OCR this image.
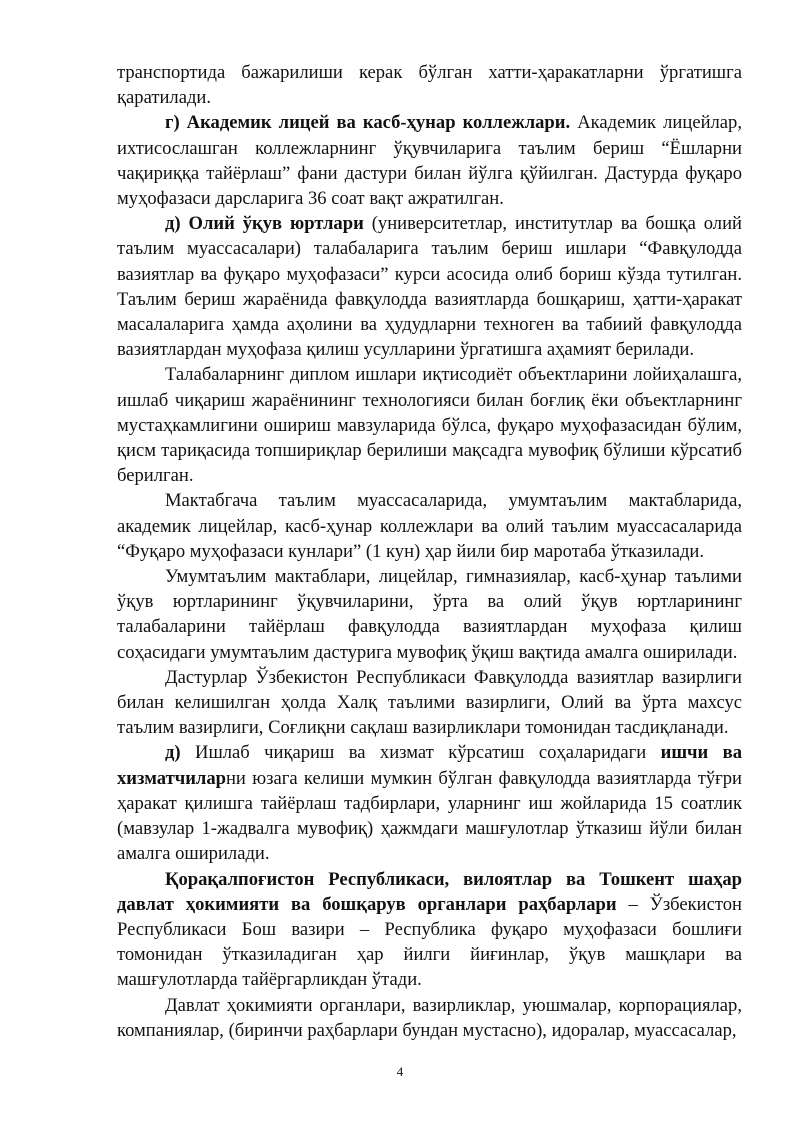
транспортида бажарилиши керак бўлган хатти-ҳаракатларни ўргатишга қаратилади.

г) Академик лицей ва касб-ҳунар коллежлари. Академик лицейлар, ихтисослашган коллежларнинг ўқувчиларига таълим бериш “Ёшларни чақириққа тайёрлаш” фани дастури билан йўлга қўйилган. Дастурда фуқаро муҳофазаси дарсларига 36 соат вақт ажратилган.

д) Олий ўқув юртлари (университетлар, институтлар ва бошқа олий таълим муассасалари) талабаларига таълим бериш ишлари “Фавқулодда вазиятлар ва фуқаро муҳофазаси” курси асосида олиб бориш кўзда тутилган. Таълим бериш жараёнида фавқулодда вазиятларда бошқариш, ҳатти-ҳаракат масалаларига ҳамда аҳолини ва ҳудудларни техноген ва табиий фавқулодда вазиятлардан муҳофаза қилиш усулларини ўргатишга аҳамият берилади.

Талабаларнинг диплом ишлари иқтисодиёт объектларини лойиҳалашга, ишлаб чиқариш жараёнининг технологияси билан боғлиқ ёки объектларнинг мустаҳкамлигини ошириш мавзуларида бўлса, фуқаро муҳофазасидан бўлим, қисм тариқасида топшириқлар берилиши мақсадга мувофиқ бўлиши кўрсатиб берилган.

Мактабгача таълим муассасаларида, умумтаълим мактабларида, академик лицейлар, касб-ҳунар коллежлари ва олий таълим муассасаларида “Фуқаро муҳофазаси кунлари” (1 кун) ҳар йили бир маротаба ўтказилади.

Умумтаълим мактаблари, лицейлар, гимназиялар, касб-ҳунар таълими ўқув юртларининг ўқувчиларини, ўрта ва олий ўқув юртларининг талабаларини тайёрлаш фавқулодда вазиятлардан муҳофаза қилиш соҳасидаги умумтаълим дастурига мувофиқ ўқиш вақтида амалга оширилади.

Дастурлар Ўзбекистон Республикаси Фавқулодда вазиятлар вазирлиги билан келишилган ҳолда Халқ таълими вазирлиги, Олий ва ўрта махсус таълим вазирлиги, Соғлиқни сақлаш вазирликлари томонидан тасдиқланади.

д) Ишлаб чиқариш ва хизмат кўрсатиш соҳаларидаги ишчи ва хизматчиларни юзага келиши мумкин бўлган фавқулодда вазиятларда тўғри ҳаракат қилишга тайёрлаш тадбирлари, уларнинг иш жойларида 15 соатлик (мавзулар 1-жадвалга мувофиқ) ҳажмдаги машғулотлар ўтказиш йўли билан амалга оширилади.

Қорақалпоғистон Республикаси, вилоятлар ва Тошкент шаҳар давлат ҳокимияти ва бошқарув органлари раҳбарлари – Ўзбекистон Республикаси Бош вазири – Республика фуқаро муҳофазаси бошлиғи томонидан ўтказиладиган ҳар йилги йиғинлар, ўқув машқлари ва машғулотларда тайёргарликдан ўтади.

Давлат ҳокимияти органлари, вазирликлар, уюшмалар, корпорациялар, компаниялар, (биринчи раҳбарлари бундан мустасно), идоралар, муассасалар,

4
